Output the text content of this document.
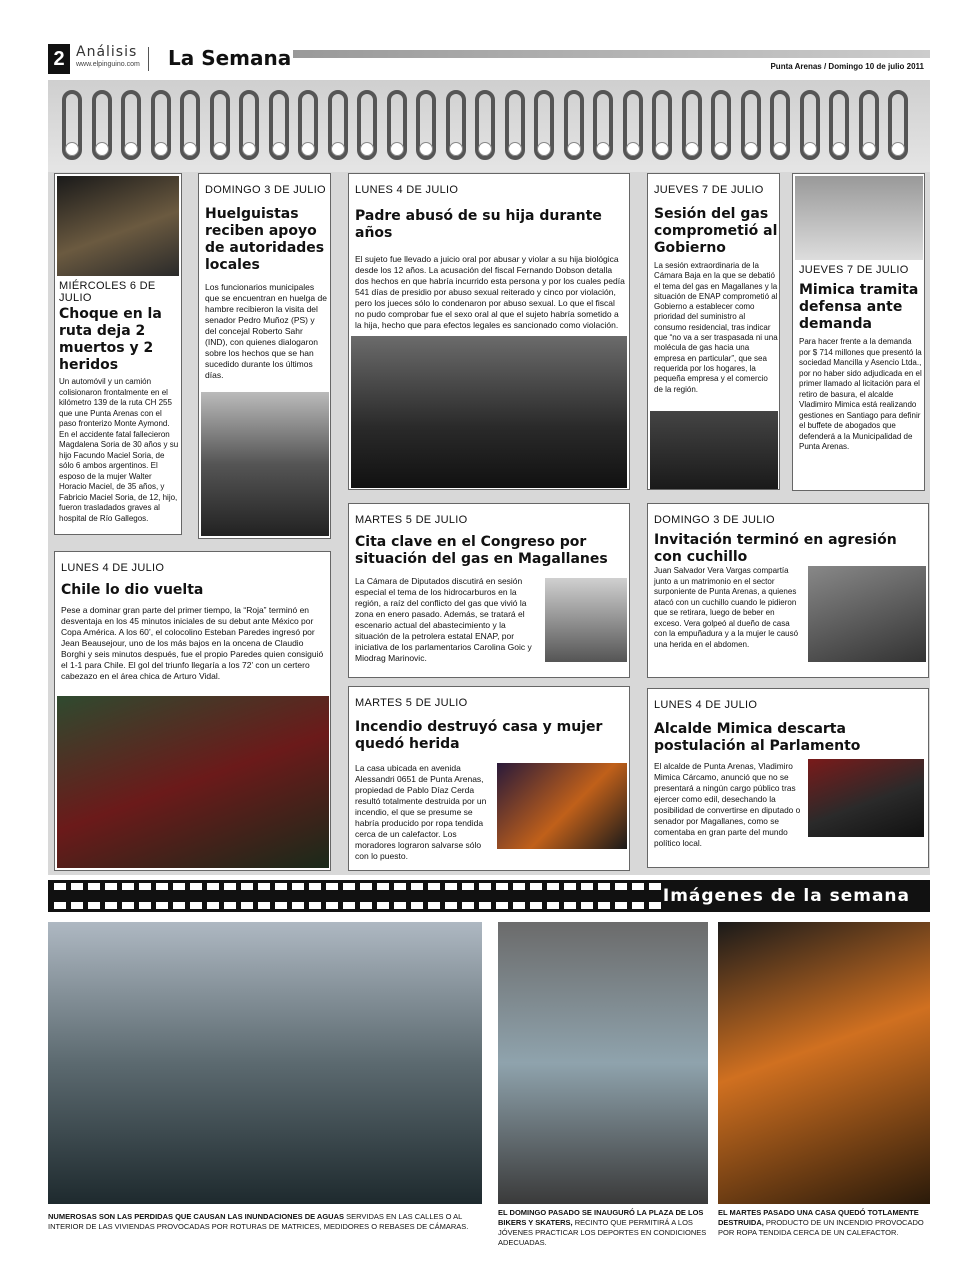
2 Análisis
www.elpinguino.com La Semana	Punta Arenas / Domingo 10 de julio 2011
MIÉRCOLES 6 DE JULIO
Choque en la ruta deja 2 muertos y 2 heridos
Un automóvil y un camión colisionaron frontalmente en el kilómetro 139 de la ruta CH 255 que une Punta Arenas con el paso fronterizo Monte Aymond. En el accidente fatal fallecieron Magdalena Soria de 30 años y su hijo Facundo Maciel Soria, de sólo 6 ambos argentinos. El esposo de la mujer Walter Horacio Maciel, de 35 años, y Fabricio Maciel Soria, de 12, hijo, fueron trasladados graves al hospital de Río Gallegos.
DOMINGO 3 DE JULIO
Huelguistas reciben apoyo de autoridades locales
Los funcionarios municipales que se encuentran en huelga de hambre recibieron la visita del senador Pedro Muñoz (PS) y del concejal Roberto Sahr (IND), con quienes dialogaron sobre los hechos que se han sucedido durante los últimos días.
LUNES 4 DE JULIO
Padre abusó de su hija durante años
El sujeto fue llevado a juicio oral por abusar y violar a su hija biológica desde los 12 años. La acusación del fiscal Fernando Dobson detalla dos hechos en que habría incurrido esta persona y por los cuales pedía 541 días de presidio por abuso sexual reiterado y cinco por violación, pero los jueces sólo lo condenaron por abuso sexual. Lo que el fiscal no pudo comprobar fue el sexo oral al que el sujeto habría sometido a la hija, hecho que para efectos legales es sancionado como violación.
JUEVES 7 DE JULIO
Sesión del gas comprometió al Gobierno
La sesión extraordinaria de la Cámara Baja en la que se debatió el tema del gas en Magallanes y la situación de ENAP comprometió al Gobierno a establecer como prioridad del suministro al consumo residencial, tras indicar que “no va a ser traspasada ni una molécula de gas hacia una empresa en particular”, que sea requerida por los hogares, la pequeña empresa y el comercio de la región.
JUEVES 7 DE JULIO
Mimica tramita defensa ante demanda
Para hacer frente a la demanda por $ 714 millones que presentó la sociedad Mancilla y Asencio Ltda., por no haber sido adjudicada en el primer llamado al licitación para el retiro de basura, el alcalde Vladimiro Mimica está realizando gestiones en Santiago para definir el buffete de abogados que defenderá a la Municipalidad de Punta Arenas.
LUNES 4 DE JULIO
Chile lo dio vuelta
Pese a dominar gran parte del primer tiempo, la “Roja” terminó en desventaja en los 45 minutos iniciales de su debut ante México por Copa América. A los 60’, el colocolino Esteban Paredes ingresó por Jean Beausejour, uno de los más bajos en la oncena de Claudio Borghi y seis minutos después, fue el propio Paredes quien consiguió el 1-1 para Chile. El gol del triunfo llegaría a los 72’ con un certero cabezazo en el área chica de Arturo Vidal.
MARTES 5 DE JULIO
Cita clave en el Congreso por situación del gas en Magallanes
La Cámara de Diputados discutirá en sesión especial el tema de los hidrocarburos en la región, a raíz del conflicto del gas que vivió la zona en enero pasado. Además, se tratará el escenario actual del abastecimiento y la situación de la petrolera estatal ENAP, por iniciativa de los parlamentarios Carolina Goic y Miodrag Marinovic.
DOMINGO 3 DE JULIO
Invitación terminó en agresión con cuchillo
Juan Salvador Vera Vargas compartía junto a un matrimonio en el sector surponiente de Punta Arenas, a quienes atacó con un cuchillo cuando le pidieron que se retirara, luego de beber en exceso. Vera golpeó al dueño de casa con la empuñadura y a la mujer le causó una herida en el abdomen.
MARTES 5 DE JULIO
Incendio destruyó casa y mujer quedó herida
La casa ubicada en avenida Alessandri 0651 de Punta Arenas, propiedad de Pablo Díaz Cerda resultó totalmente destruida por un incendio, el que se presume se habría producido por ropa tendida cerca de un calefactor. Los moradores lograron salvarse sólo con lo puesto.
LUNES 4 DE JULIO
Alcalde Mimica descarta postulación al Parlamento
El alcalde de Punta Arenas, Vladimiro Mimica Cárcamo, anunció que no se presentará a ningún cargo público tras ejercer como edil, desechando la posibilidad de convertirse en diputado o senador por Magallanes, como se comentaba en gran parte del mundo político local.
Imágenes de la semana
NUMEROSAS SON LAS PERDIDAS QUE CAUSAN LAS INUNDACIONES DE AGUAS SERVIDAS EN LAS CALLES O AL INTERIOR DE LAS VIVIENDAS PROVOCADAS POR ROTURAS DE MATRICES, MEDIDORES O REBASES DE CÁMARAS.
EL DOMINGO PASADO SE INAUGURÓ LA PLAZA DE LOS BIKERS Y SKATERS, RECINTO QUE PERMITIRÁ A LOS JÓVENES PRACTICAR LOS DEPORTES EN CONDICIONES ADECUADAS.
EL MARTES PASADO UNA CASA QUEDÓ TOTLAMENTE DESTRUIDA, PRODUCTO DE UN INCENDIO PROVOCADO POR ROPA TENDIDA CERCA DE UN CALEFACTOR.
